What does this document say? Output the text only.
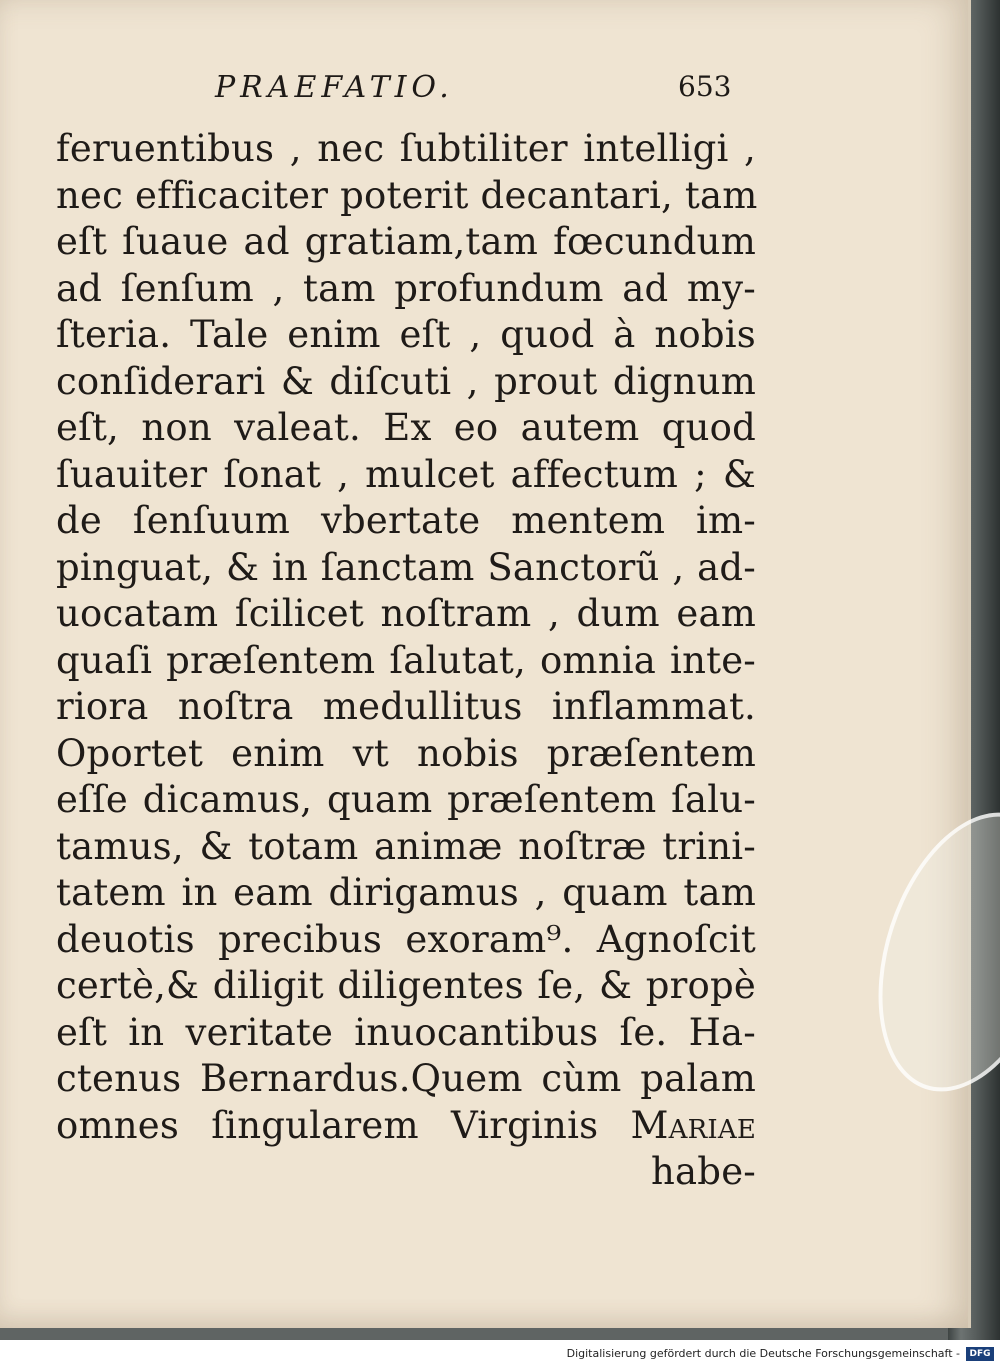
PRAEFATIO.	653
feruentibus , nec ſubtiliter intelligi ,
nec efficaciter poterit decantari, tam
eſt ſuaue ad gratiam,tam fœcundum
ad ſenſum , tam profundum ad my-
ſteria. Tale enim eſt , quod à nobis
conſiderari & diſcuti , prout dignum
eſt, non valeat. Ex eo autem quod
ſuauiter ſonat , mulcet affectum ; &
de ſenſuum vbertate mentem im-
pinguat, & in ſanctam Sanctorũ , ad-
uocatam ſcilicet noſtram , dum eam
quaſi præſentem ſalutat, omnia inte-
riora noſtra medullitus inflammat.
Oportet enim vt nobis præſentem
eſſe dicamus, quam præſentem ſalu-
tamus, & totam animæ noſtræ trini-
tatem in eam dirigamus , quam tam
deuotis precibus exoram⁹. Agnoſcit
certè,& diligit diligentes ſe, & propè
eſt in veritate inuocantibus ſe. Ha-
ctenus Bernardus.Quem cùm palam
omnes ſingularem Virginis Mariae
habe-
Digitalisierung gefördert durch die Deutsche Forschungsgemeinschaft -	DFG
